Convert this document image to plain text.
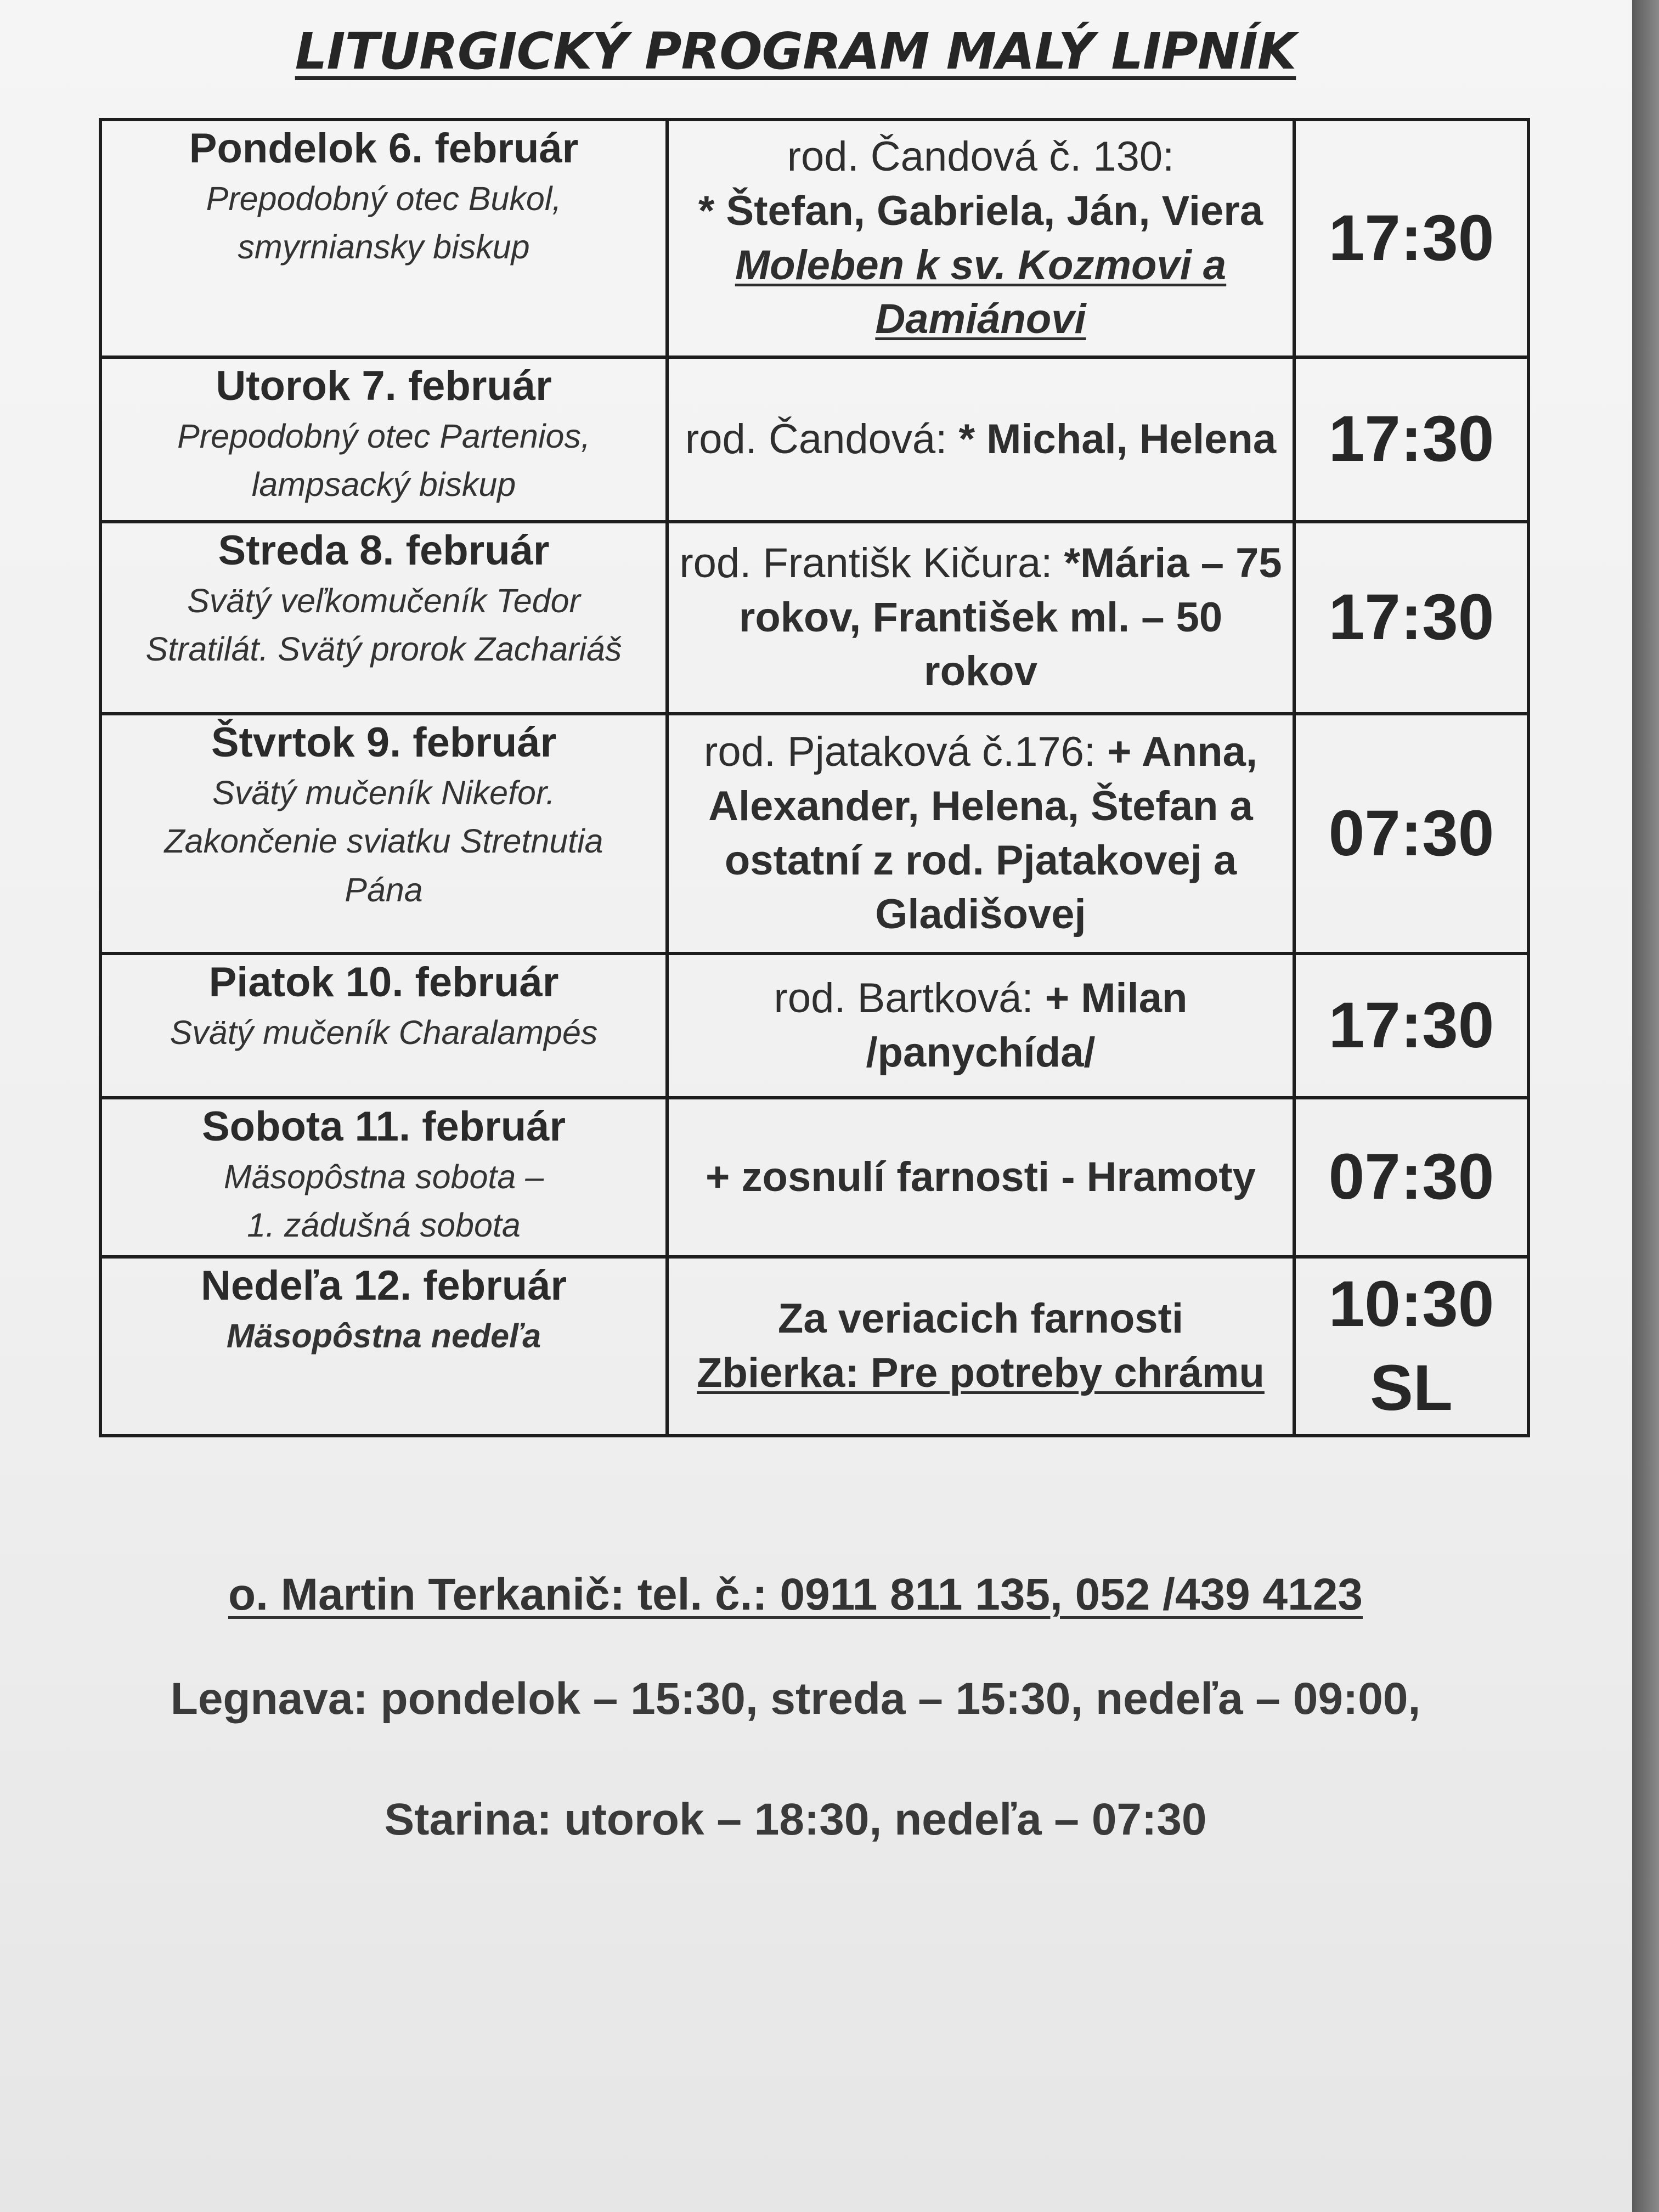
LITURGICKÝ PROGRAM MALÝ LIPNÍK
Pondelok 6. február
Prepodobný otec Bukol,
smyrniansky biskup	rod. Čandová č. 130:
* Štefan, Gabriela, Ján, Viera
Moleben k sv. Kozmovi a Damiánovi	17:30

Utorok 7. február
Prepodobný otec Partenios,
lampsacký biskup	rod. Čandová: * Michal, Helena	17:30

Streda 8. február
Svätý veľkomučeník Tedor
Stratilát. Svätý prorok Zachariáš	rod. Františk Kičura: *Mária – 75 rokov, František ml. – 50 rokov	17:30

Štvrtok 9. február
Svätý mučeník Nikefor.
Zakončenie sviatku Stretnutia
Pána	rod. Pjataková č.176: + Anna, Alexander, Helena, Štefan a ostatní z rod. Pjatakovej a Gladišovej	07:30

Piatok 10. február
Svätý mučeník Charalampés	rod. Bartková: + Milan /panychída/	17:30

Sobota 11. február
Mäsopôstna sobota –
1. zádušná sobota	+ zosnulí farnosti - Hramoty	07:30

Nedeľa 12. február
Mäsopôstna nedeľa	Za veriacich farnosti
Zbierka: Pre potreby chrámu	10:30
SL
o. Martin Terkanič: tel. č.: 0911 811 135, 052 /439 4123
Legnava: pondelok – 15:30, streda – 15:30, nedeľa – 09:00,
Starina: utorok – 18:30, nedeľa – 07:30
